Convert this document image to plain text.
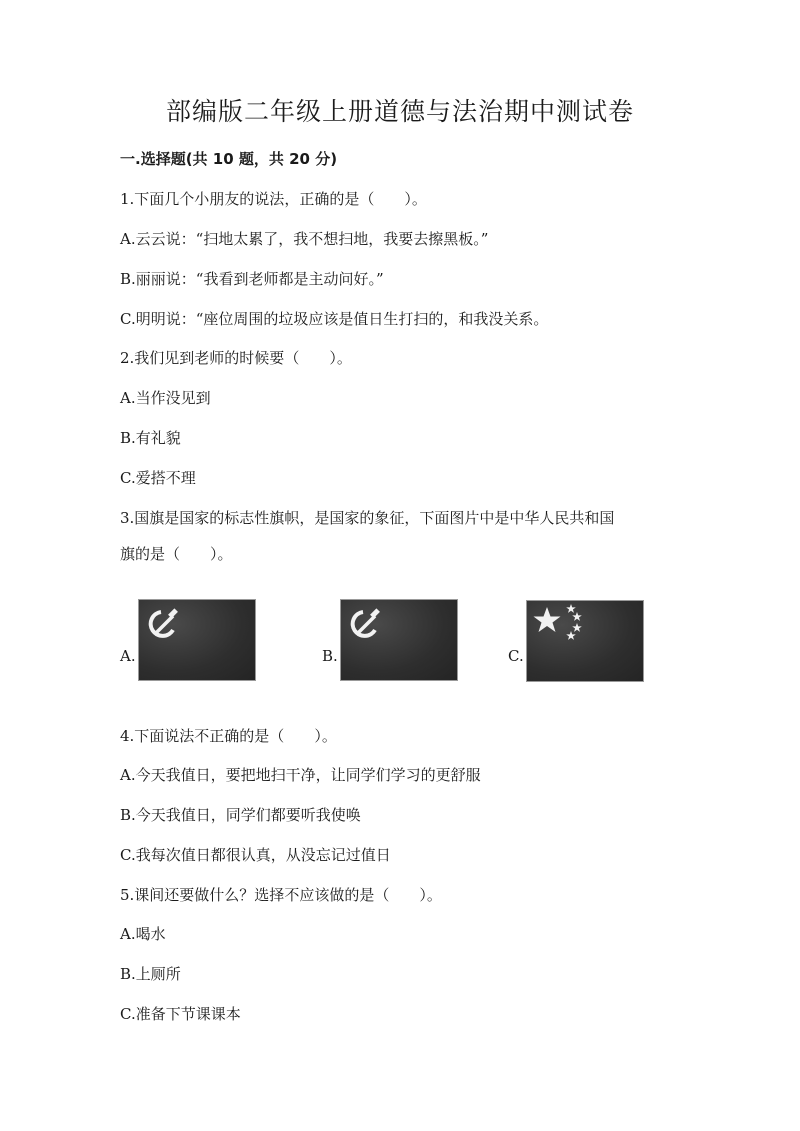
部编版二年级上册道德与法治期中测试卷
一.选择题(共 10 题，共 20 分)
1.下面几个小朋友的说法，正确的是（　　）。
A.云云说：“扫地太累了，我不想扫地，我要去擦黑板。”
B.丽丽说：“我看到老师都是主动问好。”
C.明明说：“座位周围的垃圾应该是值日生打扫的，和我没关系。
2.我们见到老师的时候要（　　）。
A.当作没见到
B.有礼貌
C.爱搭不理
3.国旗是国家的标志性旗帜，是国家的象征，下面图片中是中华人民共和国
旗的是（　　）。
A.	B.	C.
4.下面说法不正确的是（　　）。
A.今天我值日，要把地扫干净，让同学们学习的更舒服
B.今天我值日，同学们都要听我使唤
C.我每次值日都很认真，从没忘记过值日
5.课间还要做什么？选择不应该做的是（　　）。
A.喝水
B.上厕所
C.准备下节课课本
